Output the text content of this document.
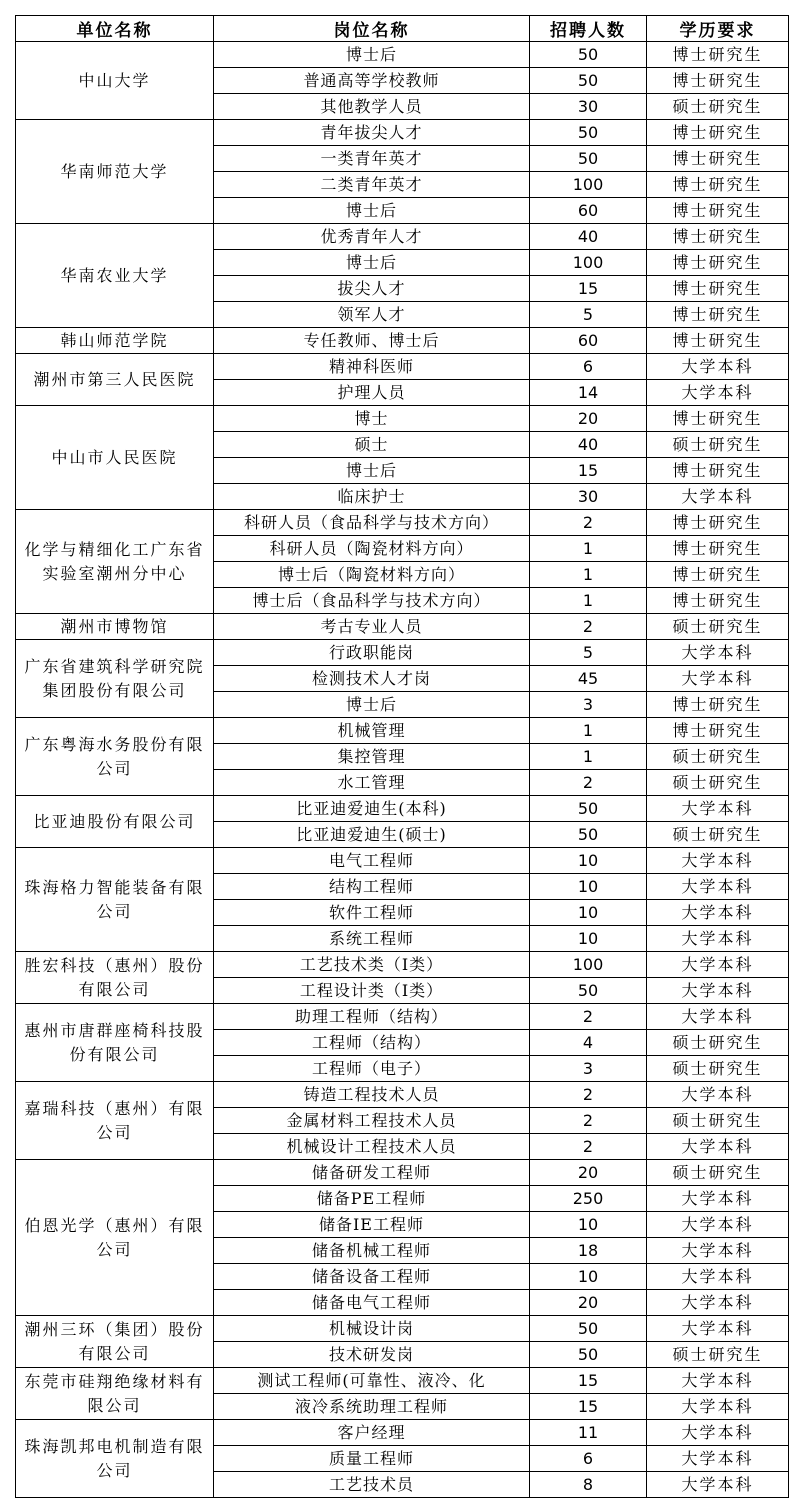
单位名称	岗位名称	招聘人数	学历要求
中山大学	博士后	50	博士研究生
	普通高等学校教师	50	博士研究生
	其他教学人员	30	硕士研究生
华南师范大学	青年拔尖人才	50	博士研究生
	一类青年英才	50	博士研究生
	二类青年英才	100	博士研究生
	博士后	60	博士研究生
华南农业大学	优秀青年人才	40	博士研究生
	博士后	100	博士研究生
	拔尖人才	15	博士研究生
	领军人才	5	博士研究生
韩山师范学院	专任教师、博士后	60	博士研究生
潮州市第三人民医院	精神科医师	6	大学本科
	护理人员	14	大学本科
中山市人民医院	博士	20	博士研究生
	硕士	40	硕士研究生
	博士后	15	博士研究生
	临床护士	30	大学本科
化学与精细化工广东省实验室潮州分中心	科研人员（食品科学与技术方向）	2	博士研究生
	科研人员（陶瓷材料方向）	1	博士研究生
	博士后（陶瓷材料方向）	1	博士研究生
	博士后（食品科学与技术方向）	1	博士研究生
潮州市博物馆	考古专业人员	2	硕士研究生
广东省建筑科学研究院集团股份有限公司	行政职能岗	5	大学本科
	检测技术人才岗	45	大学本科
	博士后	3	博士研究生
广东粤海水务股份有限公司	机械管理	1	博士研究生
	集控管理	1	硕士研究生
	水工管理	2	硕士研究生
比亚迪股份有限公司	比亚迪爱迪生(本科)	50	大学本科
	比亚迪爱迪生(硕士)	50	硕士研究生
珠海格力智能装备有限公司	电气工程师	10	大学本科
	结构工程师	10	大学本科
	软件工程师	10	大学本科
	系统工程师	10	大学本科
胜宏科技（惠州）股份有限公司	工艺技术类（Ⅰ类）	100	大学本科
	工程设计类（Ⅰ类）	50	大学本科
惠州市唐群座椅科技股份有限公司	助理工程师（结构）	2	大学本科
	工程师（结构）	4	硕士研究生
	工程师（电子）	3	硕士研究生
嘉瑞科技（惠州）有限公司	铸造工程技术人员	2	大学本科
	金属材料工程技术人员	2	硕士研究生
	机械设计工程技术人员	2	大学本科
伯恩光学（惠州）有限公司	储备研发工程师	20	硕士研究生
	储备PE工程师	250	大学本科
	储备IE工程师	10	大学本科
	储备机械工程师	18	大学本科
	储备设备工程师	10	大学本科
	储备电气工程师	20	大学本科
潮州三环（集团）股份有限公司	机械设计岗	50	大学本科
	技术研发岗	50	硕士研究生
东莞市硅翔绝缘材料有限公司	测试工程师(可靠性、液冷、化	15	大学本科
	液冷系统助理工程师	15	大学本科
珠海凯邦电机制造有限公司	客户经理	11	大学本科
	质量工程师	6	大学本科
	工艺技术员	8	大学本科
